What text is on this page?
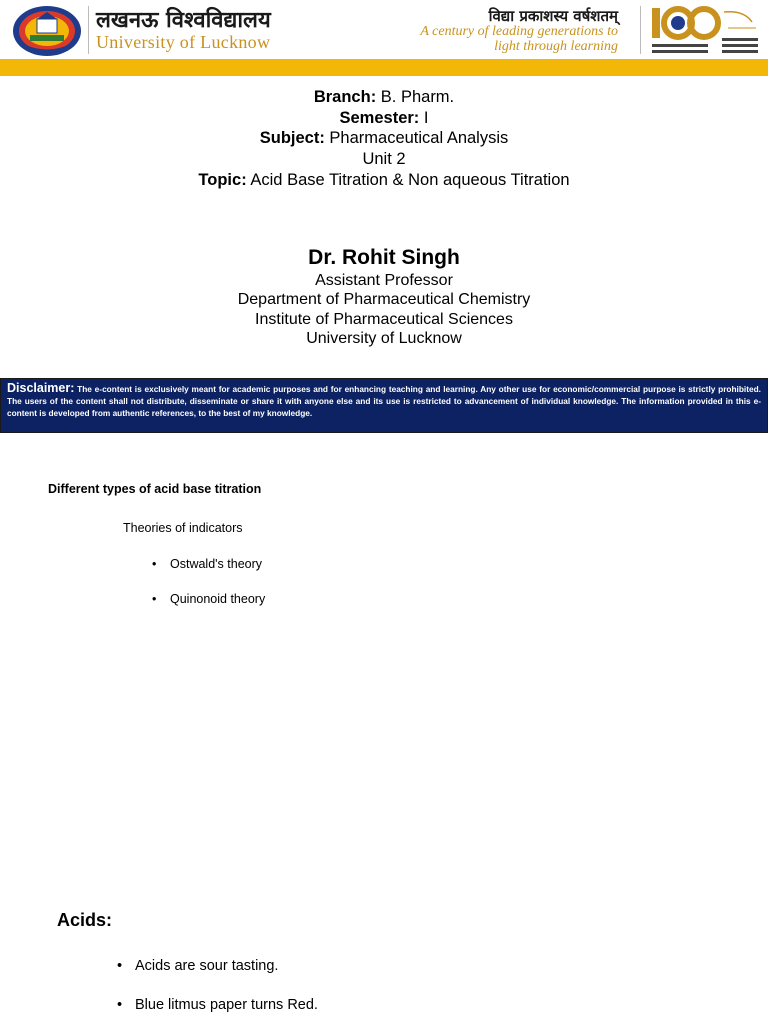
लखनऊ विश्वविद्यालय
University of Lucknow
विद्या प्रकाशस्य वर्षशतम्
A century of leading generations to
light through learning
Branch: B. Pharm.
Semester: I
Subject: Pharmaceutical Analysis
Unit 2
Topic: Acid Base Titration & Non aqueous Titration
Dr. Rohit Singh
Assistant Professor
Department of Pharmaceutical Chemistry
Institute of Pharmaceutical Sciences
University of Lucknow
Disclaimer: The e-content is exclusively meant for academic purposes and for enhancing teaching and learning. Any other use for economic/commercial purpose is strictly prohibited. The users of the content shall not distribute, disseminate or share it with anyone else and its use is restricted to advancement of individual knowledge. The information provided in this e-content is developed from authentic references, to the best of my knowledge.
Different types of acid base titration
Theories of indicators
• Ostwald's theory
• Quinonoid theory
Acids:
• Acids are sour tasting.
• Blue litmus paper turns Red.
